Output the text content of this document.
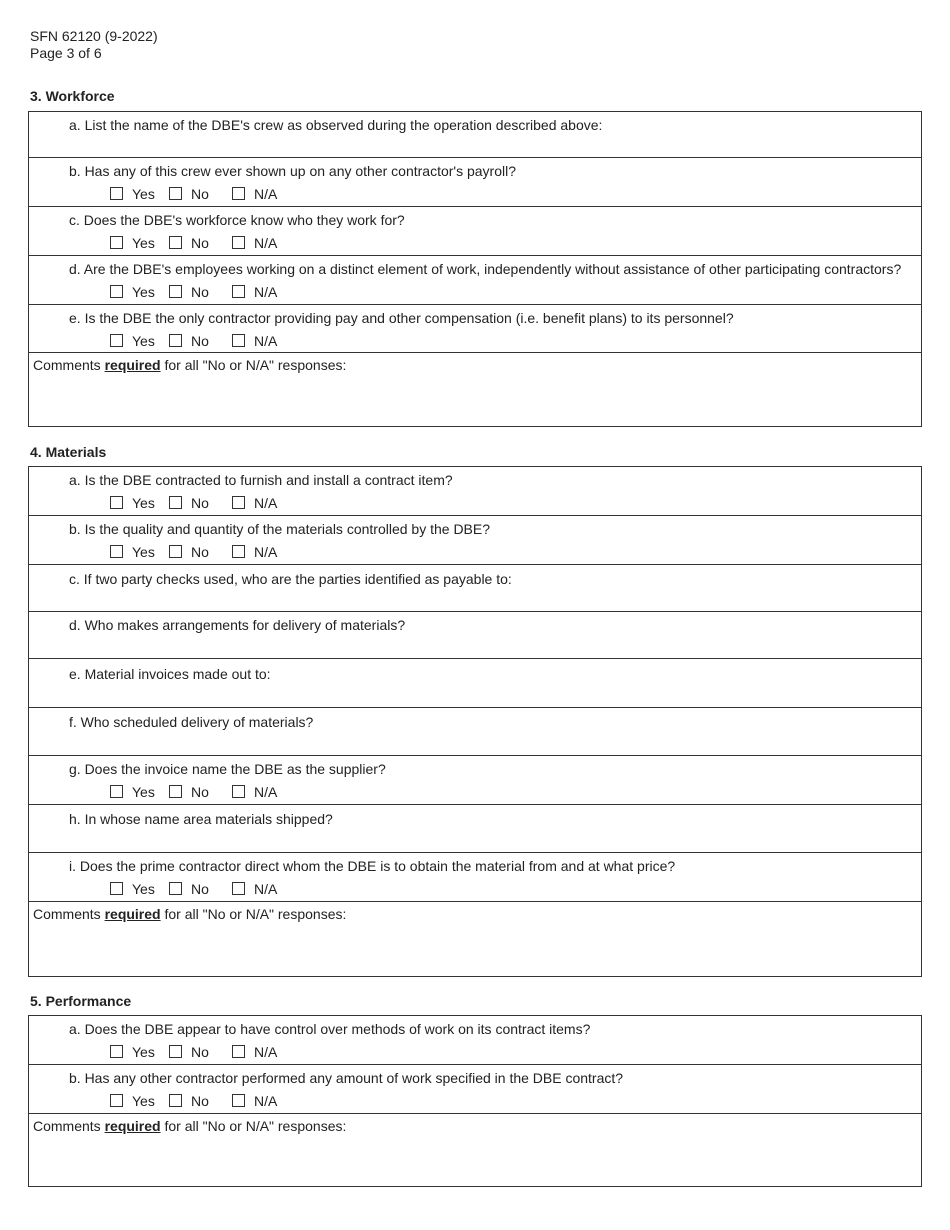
SFN 62120 (9-2022)
Page 3 of 6
3. Workforce
a. List the name of the DBE's crew as observed during the operation described above:
b. Has any of this crew ever shown up on any other contractor's payroll?
Yes	No	N/A
c. Does the DBE's workforce know who they work for?
Yes	No	N/A
d. Are the DBE's employees working on a distinct element of work, independently without assistance of other participating contractors?
Yes	No	N/A
e. Is the DBE the only contractor providing pay and other compensation (i.e. benefit plans) to its personnel?
Yes	No	N/A
Comments required for all "No or N/A" responses:
4. Materials
a. Is the DBE contracted to furnish and install a contract item?
Yes	No	N/A
b. Is the quality and quantity of the materials controlled by the DBE?
Yes	No	N/A
c. If two party checks used, who are the parties identified as payable to:
d. Who makes arrangements for delivery of materials?
e. Material invoices made out to:
f. Who scheduled delivery of materials?
g. Does the invoice name the DBE as the supplier?
Yes	No	N/A
h. In whose name area materials shipped?
i. Does the prime contractor direct whom the DBE is to obtain the material from and at what price?
Yes	No	N/A
Comments required for all "No or N/A" responses:
5. Performance
a. Does the DBE appear to have control over methods of work on its contract items?
Yes	No	N/A
b. Has any other contractor performed any amount of work specified in the DBE contract?
Yes	No	N/A
Comments required for all "No or N/A" responses:
